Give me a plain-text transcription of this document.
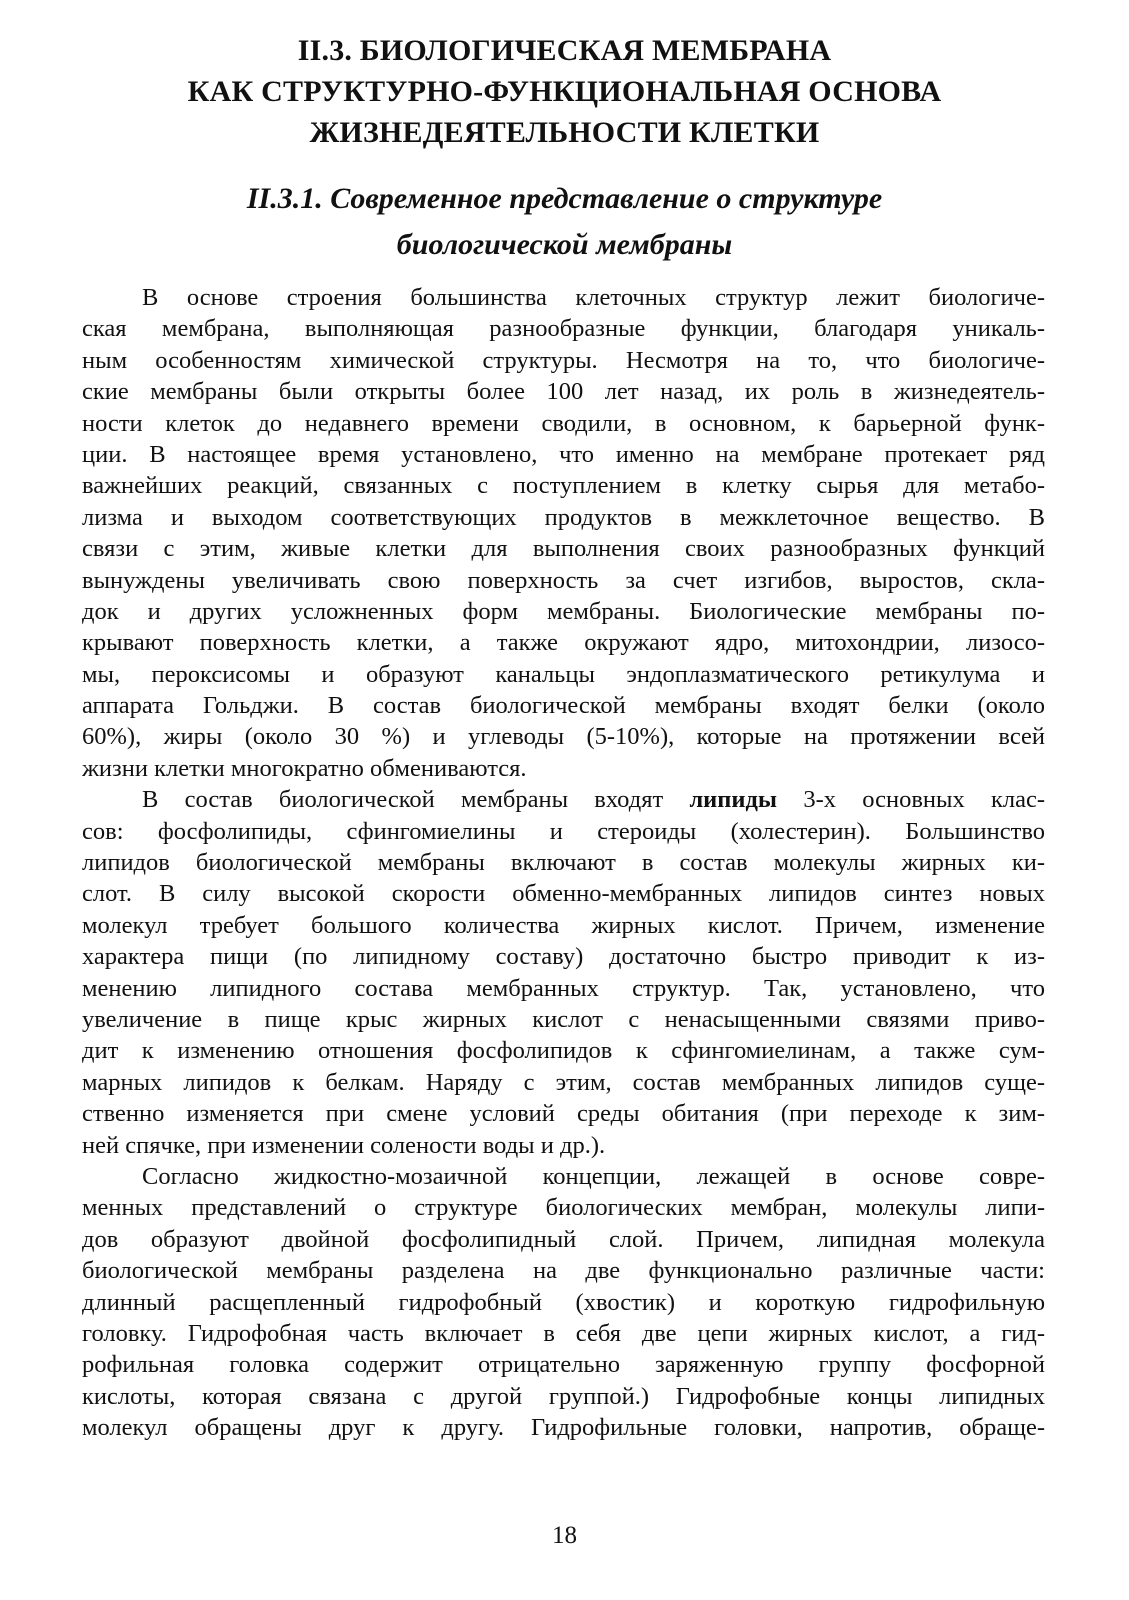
II.3. БИОЛОГИЧЕСКАЯ МЕМБРАНА
КАК СТРУКТУРНО-ФУНКЦИОНАЛЬНАЯ ОСНОВА
ЖИЗНЕДЕЯТЕЛЬНОСТИ КЛЕТКИ
II.3.1. Современное представление о структуре
биологической мембраны
В основе строения большинства клеточных структур лежит биологиче-
ская мембрана, выполняющая разнообразные функции, благодаря уникаль-
ным особенностям химической структуры. Несмотря на то, что биологиче-
ские мембраны были открыты более 100 лет назад, их роль в жизнедеятель-
ности клеток до недавнего времени сводили, в основном, к барьерной функ-
ции. В настоящее время установлено, что именно на мембране протекает ряд
важнейших реакций, связанных с поступлением в клетку сырья для метабо-
лизма и выходом соответствующих продуктов в межклеточное вещество. В
связи с этим, живые клетки для выполнения своих разнообразных функций
вынуждены увеличивать свою поверхность за счет изгибов, выростов, скла-
док и других усложненных форм мембраны. Биологические мембраны по-
крывают поверхность клетки, а также окружают ядро, митохондрии, лизосо-
мы, пероксисомы и образуют канальцы эндоплазматического ретикулума и
аппарата Гольджи. В состав биологической мембраны входят белки (около
60%), жиры (около 30 %) и углеводы (5-10%), которые на протяжении всей
жизни клетки многократно обмениваются.
В состав биологической мембраны входят липиды 3-х основных клас-
сов: фосфолипиды, сфингомиелины и стероиды (холестерин). Большинство
липидов биологической мембраны включают в состав молекулы жирных ки-
слот. В силу высокой скорости обменно-мембранных липидов синтез новых
молекул требует большого количества жирных кислот. Причем, изменение
характера пищи (по липидному составу) достаточно быстро приводит к из-
менению липидного состава мембранных структур. Так, установлено, что
увеличение в пище крыс жирных кислот с ненасыщенными связями приво-
дит к изменению отношения фосфолипидов к сфингомиелинам, а также сум-
марных липидов к белкам. Наряду с этим, состав мембранных липидов суще-
ственно изменяется при смене условий среды обитания (при переходе к зим-
ней спячке, при изменении солености воды и др.).
Согласно жидкостно-мозаичной концепции, лежащей в основе совре-
менных представлений о структуре биологических мембран, молекулы липи-
дов образуют двойной фосфолипидный слой. Причем, липидная молекула
биологической мембраны разделена на две функционально различные части:
длинный расщепленный гидрофобный (хвостик) и короткую гидрофильную
головку. Гидрофобная часть включает в себя две цепи жирных кислот, а гид-
рофильная головка содержит отрицательно заряженную группу фосфорной
кислоты, которая связана с другой группой.) Гидрофобные концы липидных
молекул обращены друг к другу. Гидрофильные головки, напротив, обраще-
18
